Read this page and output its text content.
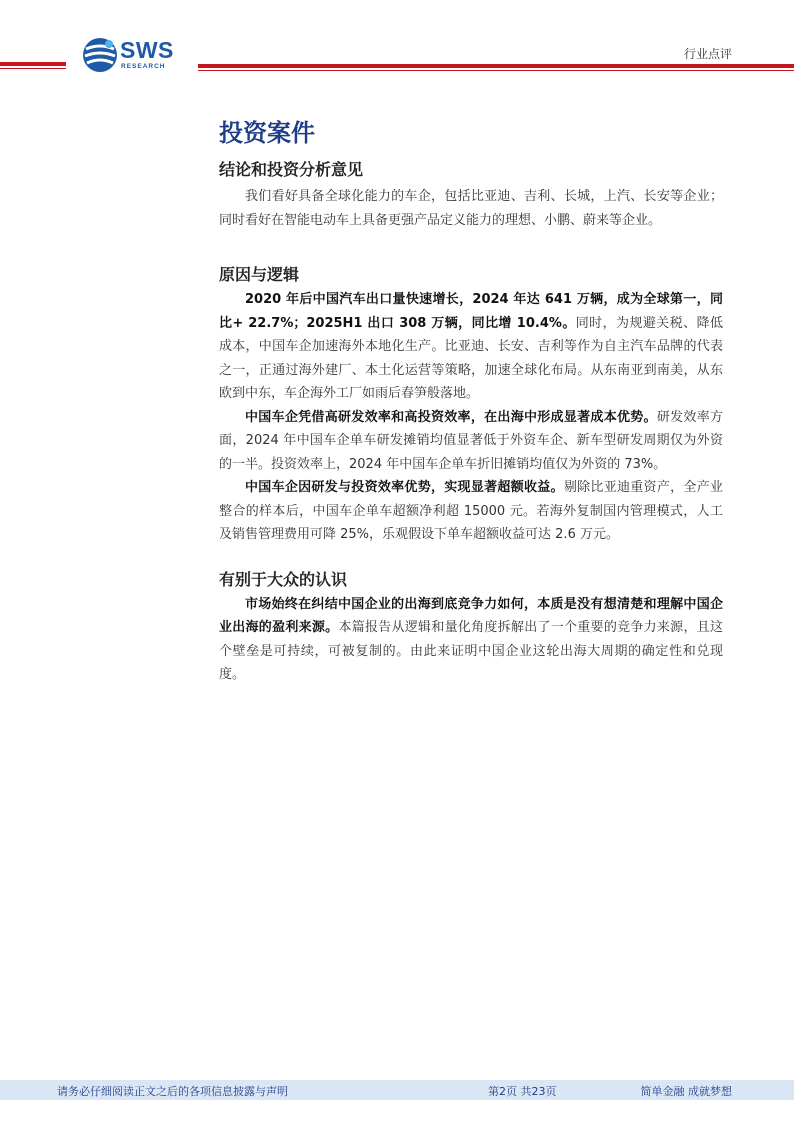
SWS
RESEARCH
行业点评
投资案件
结论和投资分析意见

我们看好具备全球化能力的车企，包括比亚迪、吉利、长城，上汽、长安等企业；同时看好在智能电动车上具备更强产品定义能力的理想、小鹏、蔚来等企业。

原因与逻辑

2020 年后中国汽车出口量快速增长，2024 年达 641 万辆，成为全球第一，同比+ 22.7%；2025H1 出口 308 万辆，同比增 10.4%。同时，为规避关税、降低成本，中国车企加速海外本地化生产。比亚迪、长安、吉利等作为自主汽车品牌的代表之一，正通过海外建厂、本土化运营等策略，加速全球化布局。从东南亚到南美，从东欧到中东，车企海外工厂如雨后春笋般落地。

中国车企凭借高研发效率和高投资效率，在出海中形成显著成本优势。研发效率方面，2024 年中国车企单车研发摊销均值显著低于外资车企、新车型研发周期仅为外资的一半。投资效率上，2024 年中国车企单车折旧摊销均值仅为外资的 73%。

中国车企因研发与投资效率优势，实现显著超额收益。剔除比亚迪重资产，全产业整合的样本后，中国车企单车超额净利超 15000 元。若海外复制国内管理模式，人工及销售管理费用可降 25%，乐观假设下单车超额收益可达 2.6 万元。

有别于大众的认识

市场始终在纠结中国企业的出海到底竞争力如何，本质是没有想清楚和理解中国企业出海的盈利来源。本篇报告从逻辑和量化角度拆解出了一个重要的竞争力来源，且这个壁垒是可持续，可被复制的。由此来证明中国企业这轮出海大周期的确定性和兑现度。

请务必仔细阅读正文之后的各项信息披露与声明	第2页 共23页	简单金融 成就梦想
